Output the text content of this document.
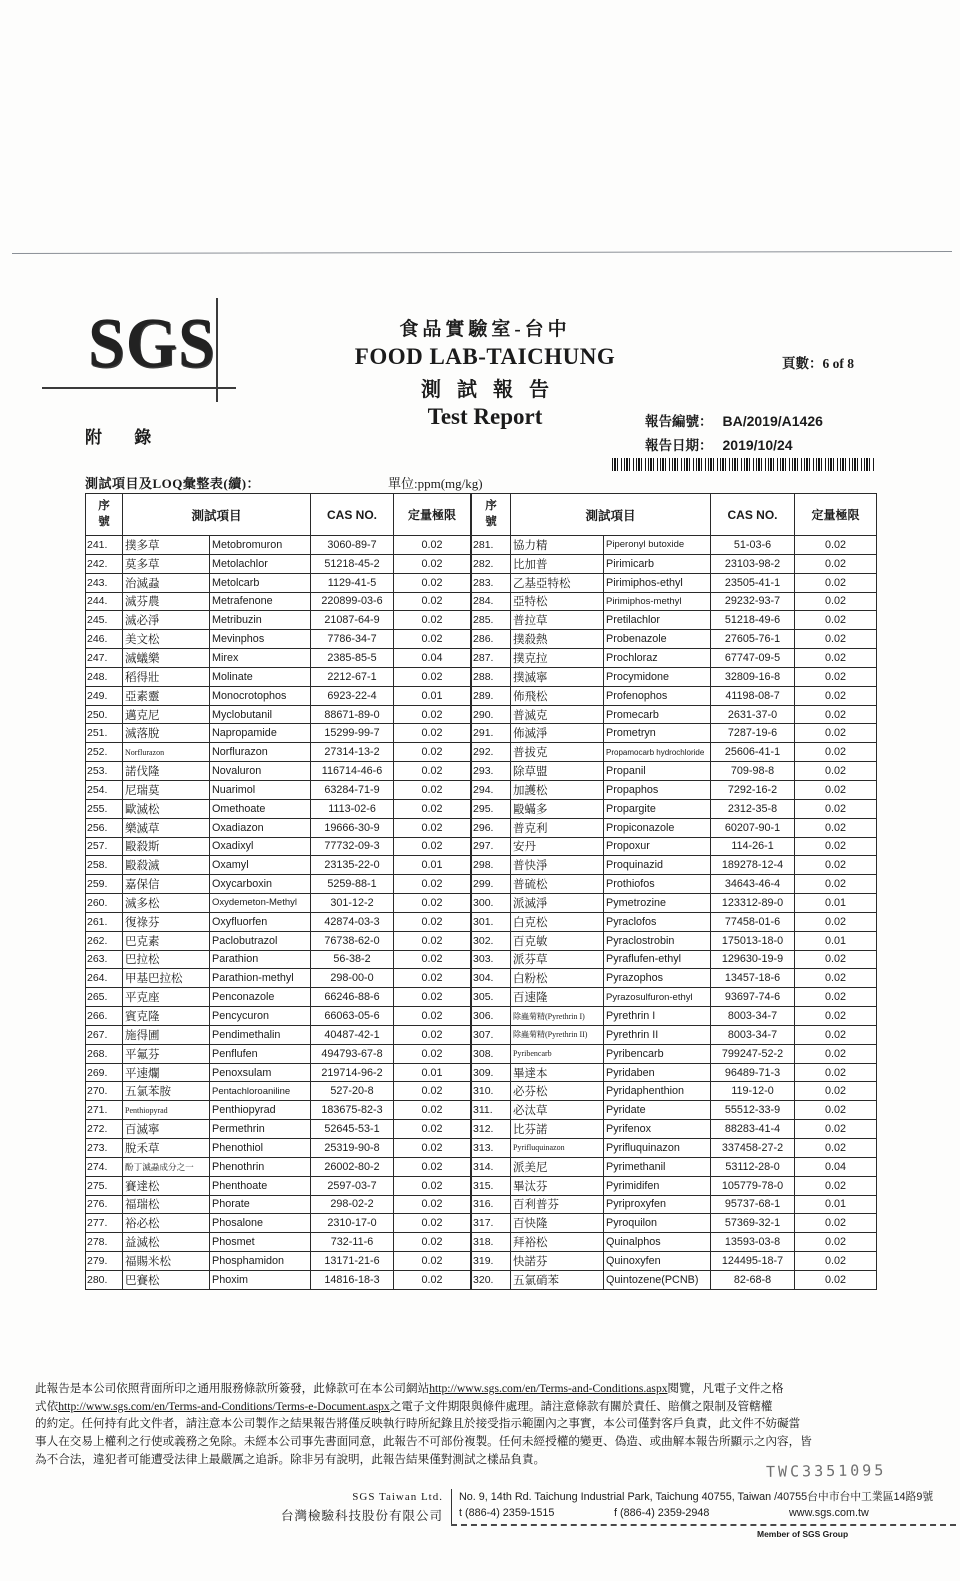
SGS	食品實驗室-台中
FOOD LAB-TAICHUNG
測試報告
Test Report
頁數：6 of 8
附 錄
報告編號： BA/2019/A1426
報告日期： 2019/10/24
測試項目及LOQ彙整表(續)：	單位:ppm(mg/kg)
序
號	測試項目		CAS NO.	定量極限
241.	撲多草	Metobromuron	3060-89-7	0.02
242.	莫多草	Metolachlor	51218-45-2	0.02
243.	治滅蝨	Metolcarb	1129-41-5	0.02
244.	滅芬農	Metrafenone	220899-03-6	0.02
245.	滅必淨	Metribuzin	21087-64-9	0.02
246.	美文松	Mevinphos	7786-34-7	0.02
247.	滅蟻樂	Mirex	2385-85-5	0.04
248.	稻得壯	Molinate	2212-67-1	0.02
249.	亞素靈	Monocrotophos	6923-22-4	0.01
250.	邁克尼	Myclobutanil	88671-89-0	0.02
251.	滅落脫	Napropamide	15299-99-7	0.02
252.	Norflurazon	Norflurazon	27314-13-2	0.02
253.	諾伐隆	Novaluron	116714-46-6	0.02
254.	尼瑞莫	Nuarimol	63284-71-9	0.02
255.	歐滅松	Omethoate	1113-02-6	0.02
256.	樂滅草	Oxadiazon	19666-30-9	0.02
257.	毆殺斯	Oxadixyl	77732-09-3	0.02
258.	毆殺滅	Oxamyl	23135-22-0	0.01
259.	嘉保信	Oxycarboxin	5259-88-1	0.02
260.	滅多松	Oxydemeton-Methyl	301-12-2	0.02
261.	復祿芬	Oxyfluorfen	42874-03-3	0.02
262.	巴克素	Paclobutrazol	76738-62-0	0.02
263.	巴拉松	Parathion	56-38-2	0.02
264.	甲基巴拉松	Parathion-methyl	298-00-0	0.02
265.	平克座	Penconazole	66246-88-6	0.02
266.	賓克隆	Pencycuron	66063-05-6	0.02
267.	施得圃	Pendimethalin	40487-42-1	0.02
268.	平氟芬	Penflufen	494793-67-8	0.02
269.	平速爛	Penoxsulam	219714-96-2	0.01
270.	五氯苯胺	Pentachloroaniline	527-20-8	0.02
271.	Penthiopyrad	Penthiopyrad	183675-82-3	0.02
272.	百滅寧	Permethrin	52645-53-1	0.02
273.	脫禾草	Phenothiol	25319-90-8	0.02
274.	酚丁滅蝨成分之一	Phenothrin	26002-80-2	0.02
275.	賽達松	Phenthoate	2597-03-7	0.02
276.	福瑞松	Phorate	298-02-2	0.02
277.	裕必松	Phosalone	2310-17-0	0.02
278.	益滅松	Phosmet	732-11-6	0.02
279.	福賜米松	Phosphamidon	13171-21-6	0.02
280.	巴賽松	Phoxim	14816-18-3	0.02
序
號	測試項目		CAS NO.	定量極限
281.	協力精	Piperonyl butoxide	51-03-6	0.02
282.	比加普	Pirimicarb	23103-98-2	0.02
283.	乙基亞特松	Pirimiphos-ethyl	23505-41-1	0.02
284.	亞特松	Pirimiphos-methyl	29232-93-7	0.02
285.	普拉草	Pretilachlor	51218-49-6	0.02
286.	撲殺熱	Probenazole	27605-76-1	0.02
287.	撲克拉	Prochloraz	67747-09-5	0.02
288.	撲滅寧	Procymidone	32809-16-8	0.02
289.	佈飛松	Profenophos	41198-08-7	0.02
290.	普滅克	Promecarb	2631-37-0	0.02
291.	佈滅淨	Prometryn	7287-19-6	0.02
292.	普拔克	Propamocarb hydrochloride	25606-41-1	0.02
293.	除草盟	Propanil	709-98-8	0.02
294.	加護松	Propaphos	7292-16-2	0.02
295.	毆蟎多	Propargite	2312-35-8	0.02
296.	普克利	Propiconazole	60207-90-1	0.02
297.	安丹	Propoxur	114-26-1	0.02
298.	普快淨	Proquinazid	189278-12-4	0.02
299.	普硫松	Prothiofos	34643-46-4	0.02
300.	派滅淨	Pymetrozine	123312-89-0	0.01
301.	白克松	Pyraclofos	77458-01-6	0.02
302.	百克敏	Pyraclostrobin	175013-18-0	0.01
303.	派芬草	Pyraflufen-ethyl	129630-19-9	0.02
304.	白粉松	Pyrazophos	13457-18-6	0.02
305.	百速隆	Pyrazosulfuron-ethyl	93697-74-6	0.02
306.	除蟲菊精(Pyrethrin I)	Pyrethrin I	8003-34-7	0.02
307.	除蟲菊精(Pyrethrin II)	Pyrethrin II	8003-34-7	0.02
308.	Pyribencarb	Pyribencarb	799247-52-2	0.02
309.	畢達本	Pyridaben	96489-71-3	0.02
310.	必芬松	Pyridaphenthion	119-12-0	0.02
311.	必汰草	Pyridate	55512-33-9	0.02
312.	比芬諾	Pyrifenox	88283-41-4	0.02
313.	Pyrifluquinazon	Pyrifluquinazon	337458-27-2	0.02
314.	派美尼	Pyrimethanil	53112-28-0	0.04
315.	畢汰芬	Pyrimidifen	105779-78-0	0.02
316.	百利普芬	Pyriproxyfen	95737-68-1	0.01
317.	百快隆	Pyroquilon	57369-32-1	0.02
318.	拜裕松	Quinalphos	13593-03-8	0.02
319.	快諾芬	Quinoxyfen	124495-18-7	0.02
320.	五氯硝苯	Quintozene(PCNB)	82-68-8	0.02
此報告是本公司依照背面所印之通用服務條款所簽發，此條款可在本公司網站http://www.sgs.com/en/Terms-and-Conditions.aspx閱覽，凡電子文件之格
式依http://www.sgs.com/en/Terms-and-Conditions/Terms-e-Document.aspx之電子文件期限與條件處理。請注意條款有關於責任、賠償之限制及管轄權
的約定。任何持有此文件者，請注意本公司製作之結果報告將僅反映執行時所紀錄且於接受指示範圍內之事實，本公司僅對客戶負責，此文件不妨礙當
事人在交易上權利之行使或義務之免除。未經本公司事先書面同意，此報告不可部份複製。任何未經授權的變更、偽造、或曲解本報告所顯示之內容，皆
為不合法，違犯者可能遭受法律上最嚴厲之追訴。除非另有說明，此報告結果僅對測試之樣品負責。
TWC3351095
SGS Taiwan Ltd.
台灣檢驗科技股份有限公司
No. 9, 14th Rd. Taichung Industrial Park, Taichung 40755, Taiwan /40755台中市台中工業區14路9號
t (886-4) 2359-1515	f (886-4) 2359-2948	www.sgs.com.tw
Member of SGS Group
